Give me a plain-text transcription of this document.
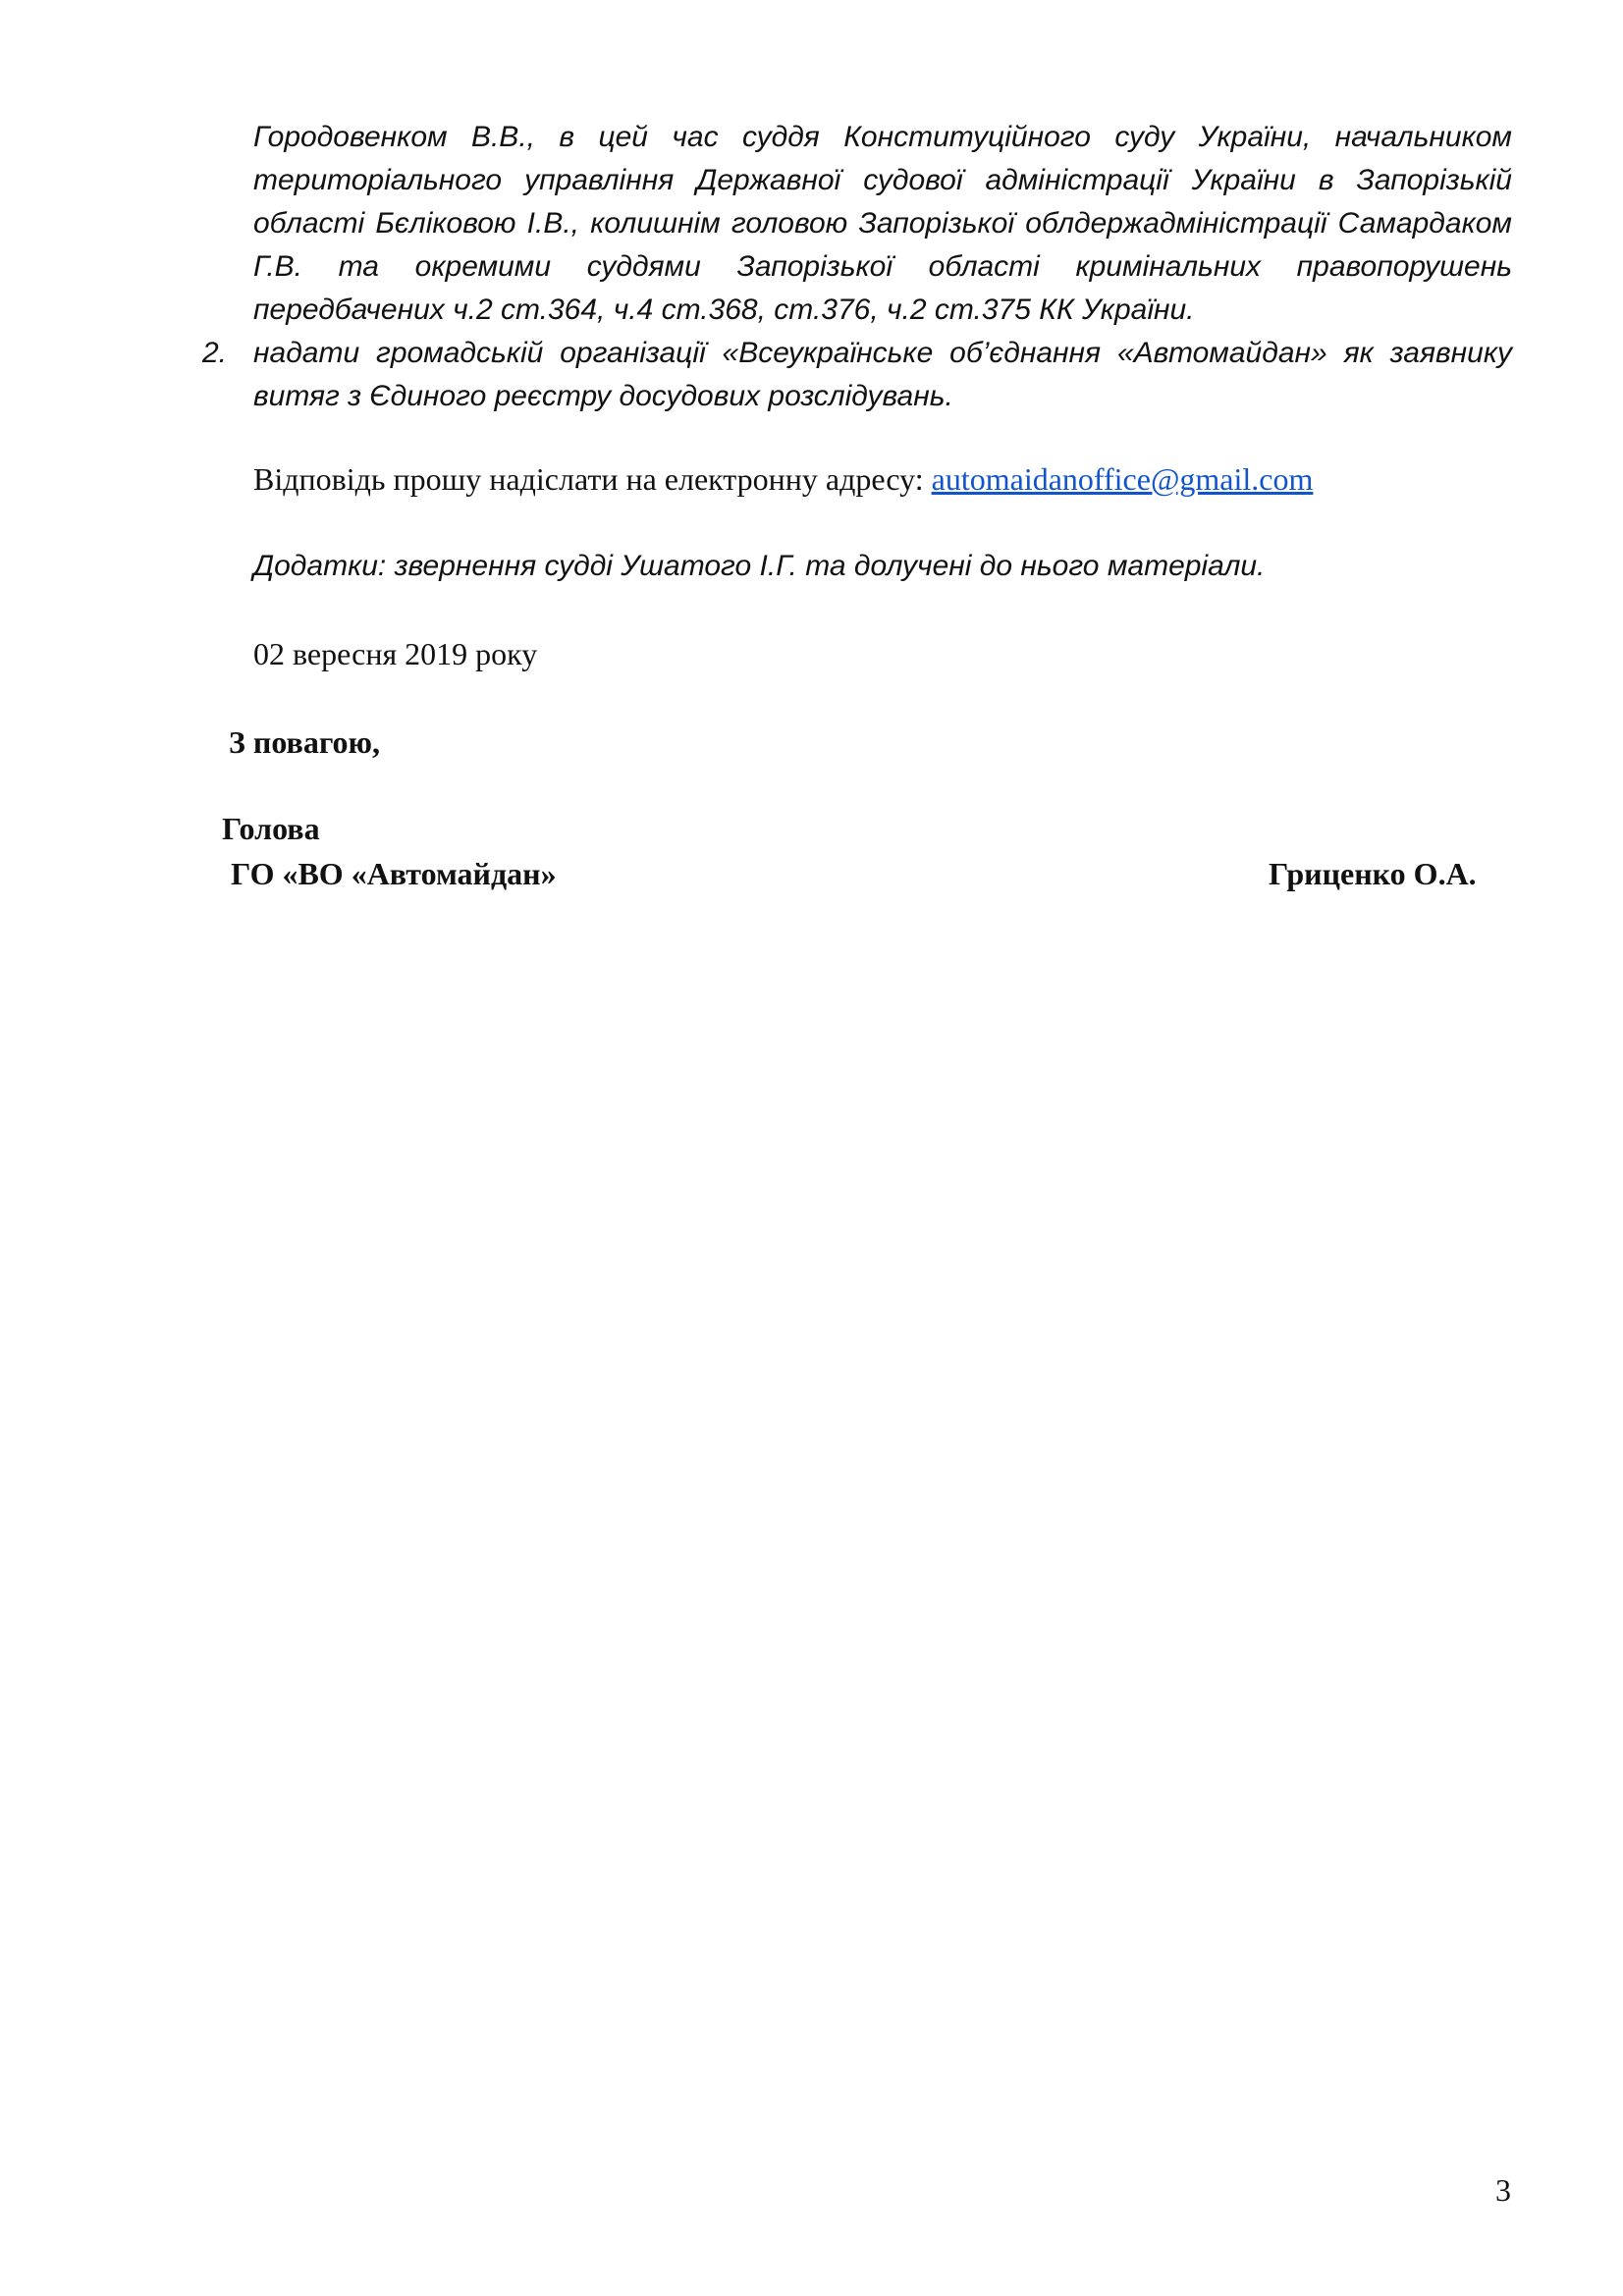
Городовенком В.В., в цей час суддя Конституційного суду України, начальником територіального управління Державної судової адміністрації України в Запорізькій області Бєліковою І.В., колишнім головою Запорізької облдержадміністрації Самардаком Г.В. та окремими суддями Запорізької області кримінальних правопорушень передбачених ч.2 ст.364, ч.4 ст.368, ст.376, ч.2 ст.375 КК України.
2. надати громадській організації «Всеукраїнське об’єднання «Автомайдан» як заявнику витяг з Єдиного реєстру досудових розслідувань.
Відповідь прошу надіслати на електронну адресу: automaidanoffice@gmail.com
Додатки: звернення судді Ушатого І.Г. та долучені до нього матеріали.
02 вересня 2019 року
З повагою,
Голова
ГО «ВО «Автомайдан»	Гриценко О.А.
3
